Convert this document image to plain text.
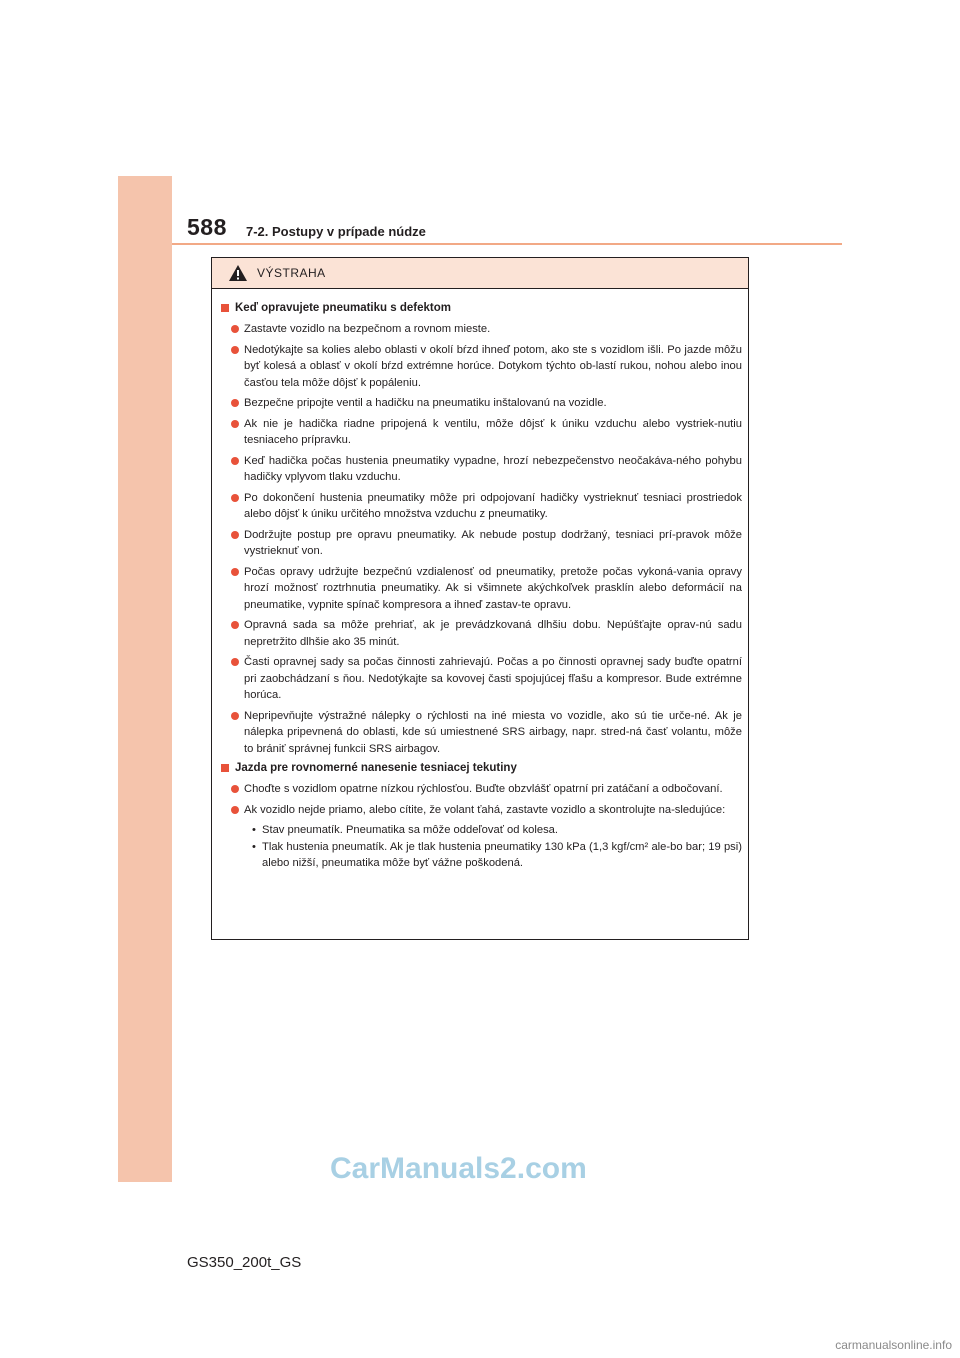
588 7-2. Postupy v prípade núdze
VÝSTRAHA
Keď opravujete pneumatiku s defektom
Zastavte vozidlo na bezpečnom a rovnom mieste.
Nedotýkajte sa kolies alebo oblasti v okolí bŕzd ihneď potom, ako ste s vozidlom išli. Po jazde môžu byť kolesá a oblasť v okolí bŕzd extrémne horúce. Dotykom týchto ob-lastí rukou, nohou alebo inou časťou tela môže dôjsť k popáleniu.
Bezpečne pripojte ventil a hadičku na pneumatiku inštalovanú na vozidle.
Ak nie je hadička riadne pripojená k ventilu, môže dôjsť k úniku vzduchu alebo vystriek-nutiu tesniaceho prípravku.
Keď hadička počas hustenia pneumatiky vypadne, hrozí nebezpečenstvo neočakáva-ného pohybu hadičky vplyvom tlaku vzduchu.
Po dokončení hustenia pneumatiky môže pri odpojovaní hadičky vystrieknuť tesniaci prostriedok alebo dôjsť k úniku určitého množstva vzduchu z pneumatiky.
Dodržujte postup pre opravu pneumatiky. Ak nebude postup dodržaný, tesniaci prí-pravok môže vystrieknuť von.
Počas opravy udržujte bezpečnú vzdialenosť od pneumatiky, pretože počas vykoná-vania opravy hrozí možnosť roztrhnutia pneumatiky. Ak si všimnete akýchkoľvek prasklín alebo deformácií na pneumatike, vypnite spínač kompresora a ihneď zastav-te opravu.
Opravná sada sa môže prehriať, ak je prevádzkovaná dlhšiu dobu. Nepúšťajte oprav-nú sadu nepretržito dlhšie ako 35 minút.
Časti opravnej sady sa počas činnosti zahrievajú. Počas a po činnosti opravnej sady buďte opatrní pri zaobchádzaní s ňou. Nedotýkajte sa kovovej časti spojujúcej fľašu a kompresor. Bude extrémne horúca.
Nepripevňujte výstražné nálepky o rýchlosti na iné miesta vo vozidle, ako sú tie urče-né. Ak je nálepka pripevnená do oblasti, kde sú umiestnené SRS airbagy, napr. stred-ná časť volantu, môže to brániť správnej funkcii SRS airbagov.
Jazda pre rovnomerné nanesenie tesniacej tekutiny
Choďte s vozidlom opatrne nízkou rýchlosťou. Buďte obzvlášť opatrní pri zatáčaní a odbočovaní.
Ak vozidlo nejde priamo, alebo cítite, že volant ťahá, zastavte vozidlo a skontrolujte na-sledujúce:
• Stav pneumatík. Pneumatika sa môže oddeľovať od kolesa.
• Tlak hustenia pneumatík. Ak je tlak hustenia pneumatiky 130 kPa (1,3 kgf/cm² ale-bo bar; 19 psi) alebo nižší, pneumatika môže byť vážne poškodená.
CarManuals2.com
GS350_200t_GS
carmanualsonline.info
